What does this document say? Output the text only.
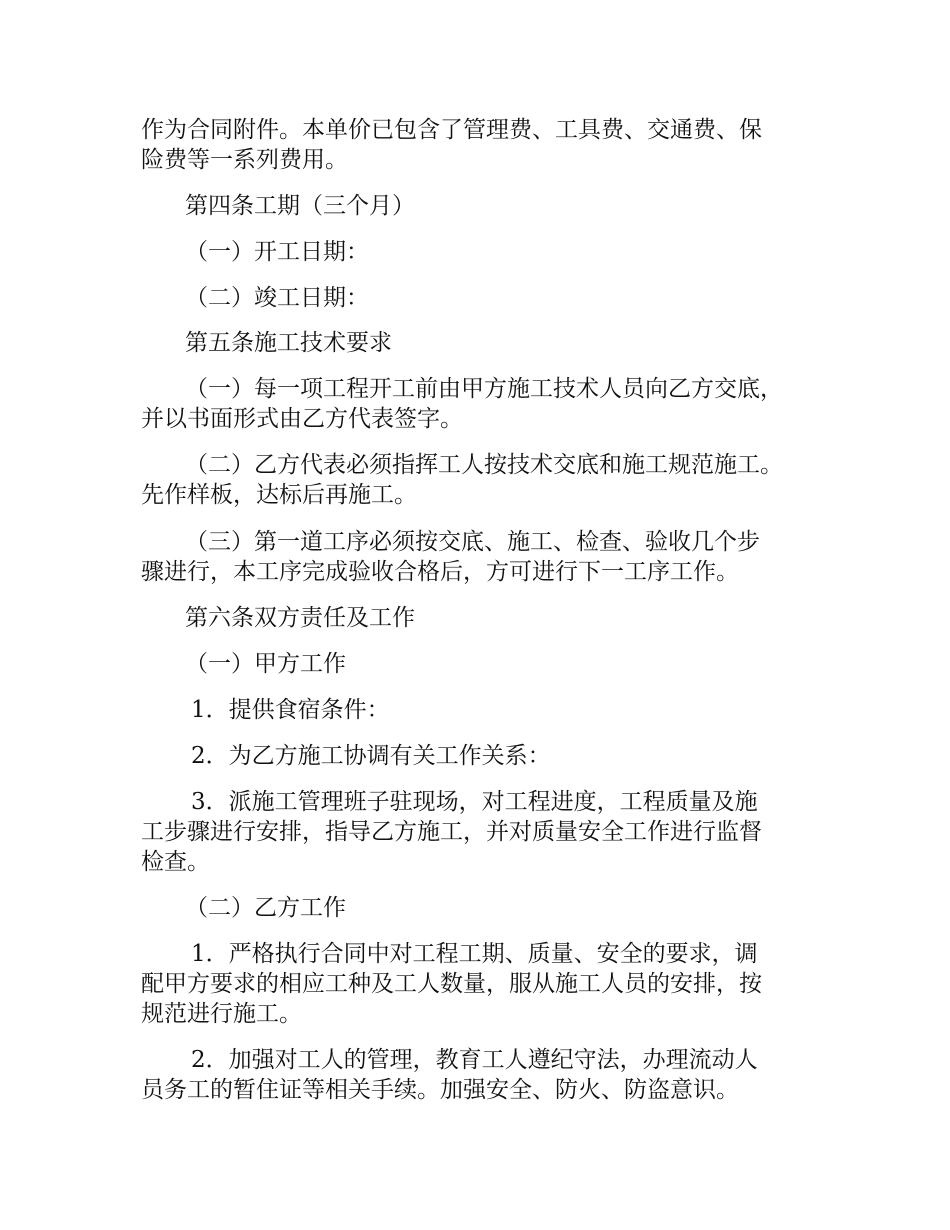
作为合同附件。本单价已包含了管理费、工具费、交通费、保
险费等一系列费用。
第四条工期（三个月）
（一）开工日期：
（二）竣工日期：
第五条施工技术要求
（一）每一项工程开工前由甲方施工技术人员向乙方交底，
并以书面形式由乙方代表签字。
（二）乙方代表必须指挥工人按技术交底和施工规范施工。
先作样板，达标后再施工。
（三）第一道工序必须按交底、施工、检查、验收几个步
骤进行，本工序完成验收合格后，方可进行下一工序工作。
第六条双方责任及工作
（一）甲方工作
1．提供食宿条件：
2．为乙方施工协调有关工作关系：
3．派施工管理班子驻现场，对工程进度，工程质量及施
工步骤进行安排，指导乙方施工，并对质量安全工作进行监督
检查。
（二）乙方工作
1．严格执行合同中对工程工期、质量、安全的要求，调
配甲方要求的相应工种及工人数量，服从施工人员的安排，按
规范进行施工。
2．加强对工人的管理，教育工人遵纪守法，办理流动人
员务工的暂住证等相关手续。加强安全、防火、防盗意识。
